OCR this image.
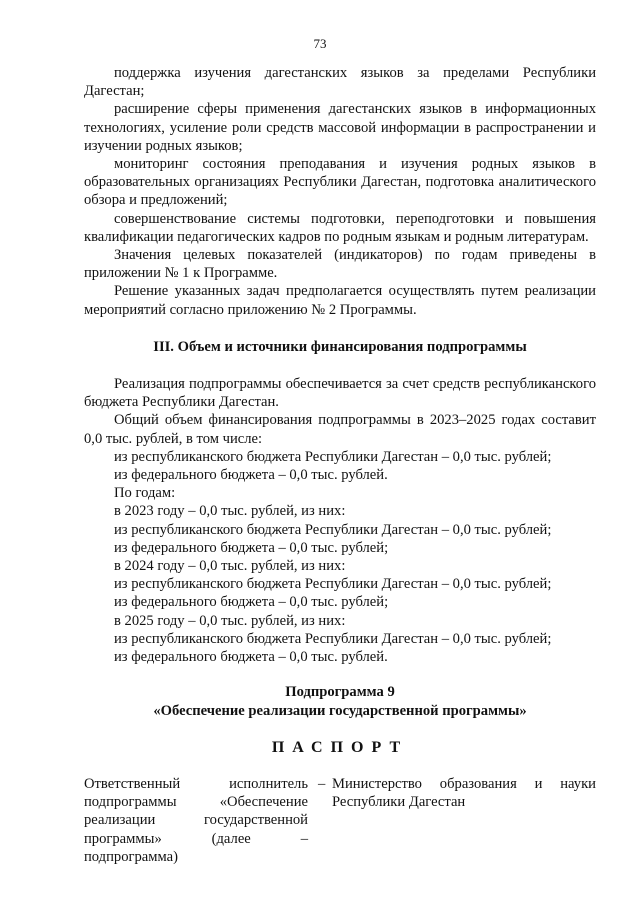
73

поддержка изучения дагестанских языков за пределами Республики Дагестан;

расширение сферы применения дагестанских языков в информационных технологиях, усиление роли средств массовой информации в распространении и изучении родных языков;

мониторинг состояния преподавания и изучения родных языков в образовательных организациях Республики Дагестан, подготовка аналитического обзора и предложений;

совершенствование системы подготовки, переподготовки и повышения квалификации педагогических кадров по родным языкам и родным литературам.

Значения целевых показателей (индикаторов) по годам приведены в приложении № 1 к Программе.

Решение указанных задач предполагается осуществлять путем реализации мероприятий согласно приложению № 2 Программы.

III. Объем и источники финансирования подпрограммы

Реализация подпрограммы обеспечивается за счет средств республиканского бюджета Республики Дагестан.

Общий объем финансирования подпрограммы в 2023–2025 годах составит 0,0 тыс. рублей, в том числе:

из республиканского бюджета Республики Дагестан – 0,0 тыс. рублей;

из федерального бюджета – 0,0 тыс. рублей.

По годам:

в 2023 году – 0,0 тыс. рублей, из них:

из республиканского бюджета Республики Дагестан – 0,0 тыс. рублей;

из федерального бюджета – 0,0 тыс. рублей;

в 2024 году – 0,0 тыс. рублей, из них:

из республиканского бюджета Республики Дагестан – 0,0 тыс. рублей;

из федерального бюджета – 0,0 тыс. рублей;

в 2025 году – 0,0 тыс. рублей, из них:

из республиканского бюджета Республики Дагестан – 0,0 тыс. рублей;

из федерального бюджета – 0,0 тыс. рублей.

Подпрограмма 9

«Обеспечение реализации государственной программы»

ПАСПОРТ

Ответственный исполнитель подпрограммы «Обеспечение реализации государственной программы» (далее – подпрограмма)

– Министерство образования и науки Республики Дагестан
